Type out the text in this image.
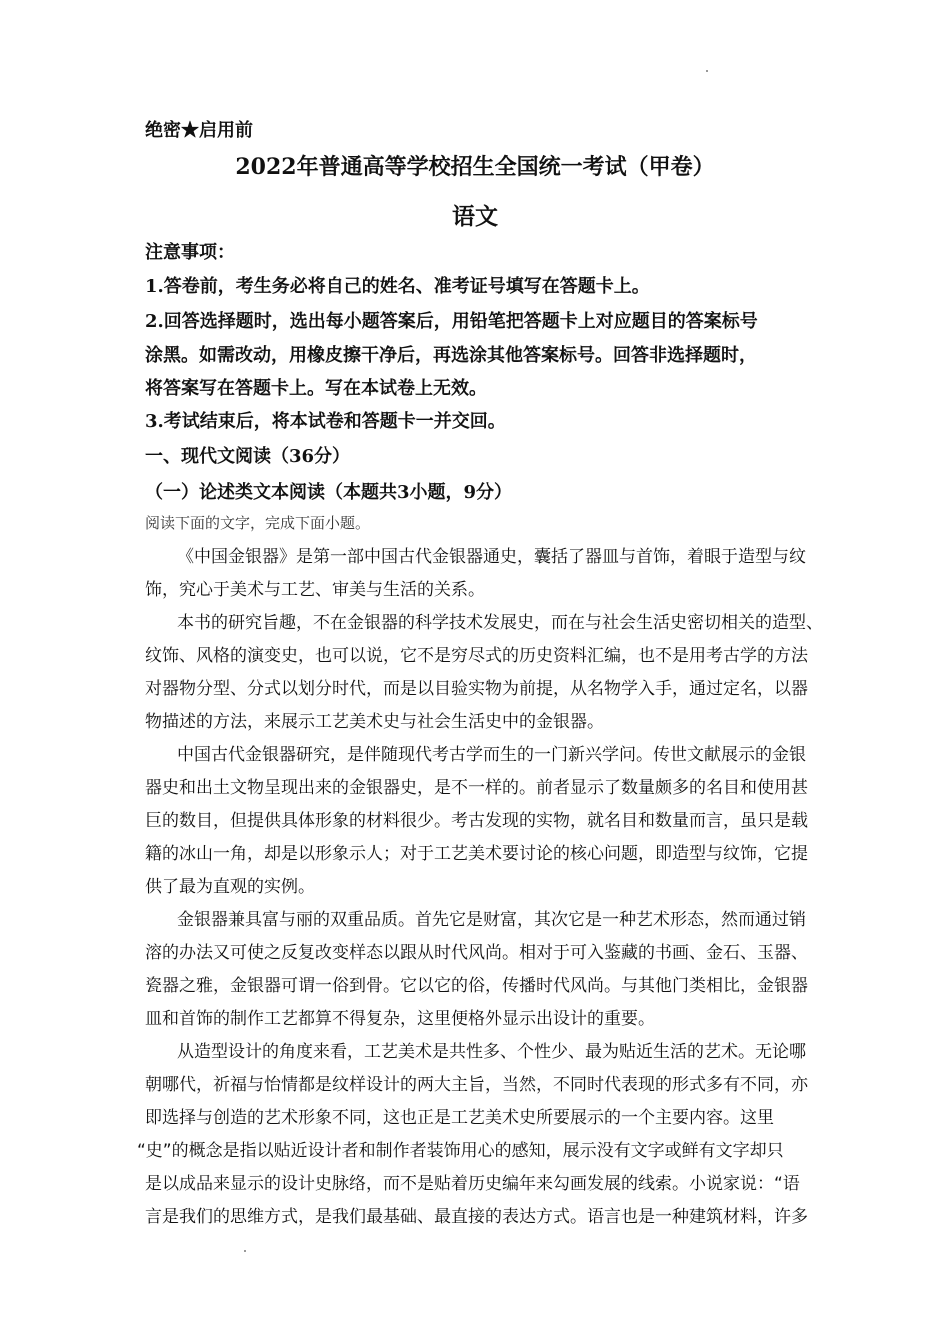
绝密★启用前
2022年普通高等学校招生全国统一考试（甲卷）
语文
注意事项：
1.答卷前，考生务必将自己的姓名、准考证号填写在答题卡上。
2.回答选择题时，选出每小题答案后，用铅笔把答题卡上对应题目的答案标号
涂黑。如需改动，用橡皮擦干净后，再选涂其他答案标号。回答非选择题时，
将答案写在答题卡上。写在本试卷上无效。
3.考试结束后，将本试卷和答题卡一并交回。
一、现代文阅读（36分）
（一）论述类文本阅读（本题共3小题，9分）
阅读下面的文字，完成下面小题。
《中国金银器》是第一部中国古代金银器通史，囊括了器皿与首饰，着眼于造型与纹
饰，究心于美术与工艺、审美与生活的关系。
本书的研究旨趣，不在金银器的科学技术发展史，而在与社会生活史密切相关的造型、
纹饰、风格的演变史，也可以说，它不是穷尽式的历史资料汇编，也不是用考古学的方法
对器物分型、分式以划分时代，而是以目验实物为前提，从名物学入手，通过定名，以器
物描述的方法，来展示工艺美术史与社会生活史中的金银器。
中国古代金银器研究，是伴随现代考古学而生的一门新兴学问。传世文献展示的金银
器史和出土文物呈现出来的金银器史，是不一样的。前者显示了数量颇多的名目和使用甚
巨的数目，但提供具体形象的材料很少。考古发现的实物，就名目和数量而言，虽只是载
籍的冰山一角，却是以形象示人；对于工艺美术要讨论的核心问题，即造型与纹饰，它提
供了最为直观的实例。
金银器兼具富与丽的双重品质。首先它是财富，其次它是一种艺术形态，然而通过销
溶的办法又可使之反复改变样态以跟从时代风尚。相对于可入鉴藏的书画、金石、玉器、
瓷器之雅，金银器可谓一俗到骨。它以它的俗，传播时代风尚。与其他门类相比，金银器
皿和首饰的制作工艺都算不得复杂，这里便格外显示出设计的重要。
从造型设计的角度来看，工艺美术是共性多、个性少、最为贴近生活的艺术。无论哪
朝哪代，祈福与怡情都是纹样设计的两大主旨，当然，不同时代表现的形式多有不同，亦
即选择与创造的艺术形象不同，这也正是工艺美术史所要展示的一个主要内容。这里
“史”的概念是指以贴近设计者和制作者装饰用心的感知，展示没有文字或鲜有文字却只
是以成品来显示的设计史脉络，而不是贴着历史编年来勾画发展的线索。小说家说：“语
言是我们的思维方式，是我们最基础、最直接的表达方式。语言也是一种建筑材料，许多
